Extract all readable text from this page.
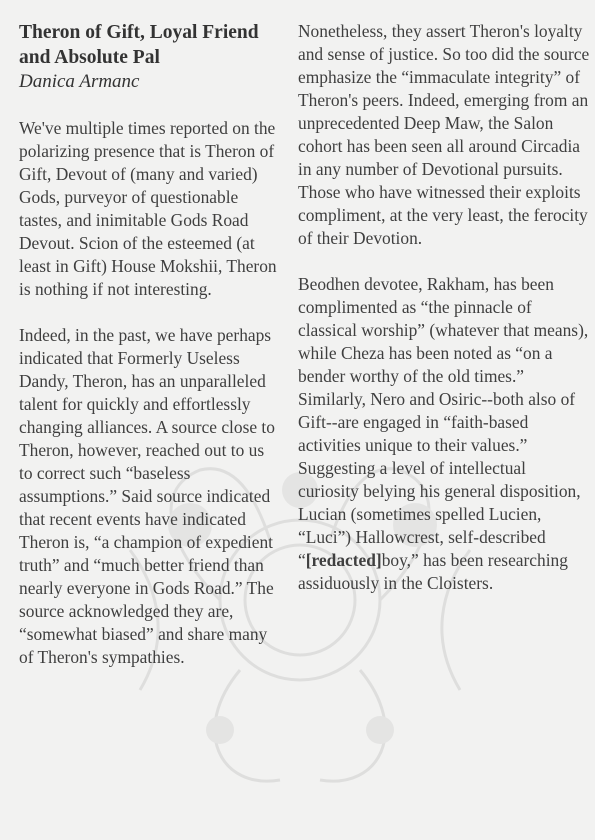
Theron of Gift, Loyal Friend and Absolute Pal
Danica Armanc

We've multiple times reported on the polarizing presence that is Theron of Gift, Devout of (many and varied) Gods, purveyor of questionable tastes, and inimitable Gods Road Devout. Scion of the esteemed (at least in Gift) House Mokshii, Theron is nothing if not interesting.

Indeed, in the past, we have perhaps indicated that Formerly Useless Dandy, Theron, has an unparalleled talent for quickly and effortlessly changing alliances. A source close to Theron, however, reached out to us to correct such “baseless assumptions.” Said source indicated that recent events have indicated Theron is, “a champion of expedient truth” and “much better friend than nearly everyone in Gods Road.” The source acknowledged they are, “somewhat biased” and share many of Theron's sympathies.

Nonetheless, they assert Theron's loyalty and sense of justice. So too did the source emphasize the “immaculate integrity” of Theron's peers. Indeed, emerging from an unprecedented Deep Maw, the Salon cohort has been seen all around Circadia in any number of Devotional pursuits. Those who have witnessed their exploits compliment, at the very least, the ferocity of their Devotion.

Beodhen devotee, Rakham, has been complimented as “the pinnacle of classical worship” (whatever that means), while Cheza has been noted as “on a bender worthy of the old times.” Similarly, Nero and Osiric--both also of Gift--are engaged in “faith-based activities unique to their values.” Suggesting a level of intellectual curiosity belying his general disposition, Lucian (sometimes spelled Lucien, “Luci”) Hallowcrest, self-described “[redacted]boy,” has been researching assiduously in the Cloisters.
